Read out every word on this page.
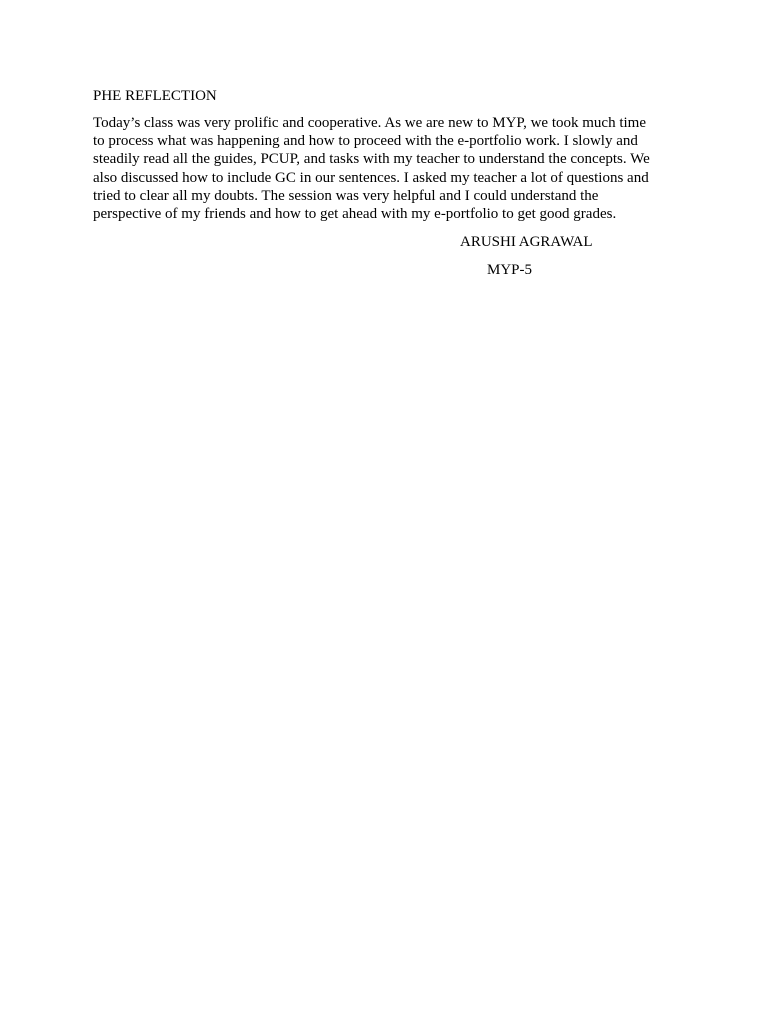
PHE REFLECTION

Today’s class was very prolific and cooperative. As we are new to MYP, we took much time
to process what was happening and how to proceed with the e-portfolio work. I slowly and
steadily read all the guides, PCUP, and tasks with my teacher to understand the concepts. We
also discussed how to include GC in our sentences. I asked my teacher a lot of questions and
tried to clear all my doubts. The session was very helpful and I could understand the
perspective of my friends and how to get ahead with my e-portfolio to get good grades.

ARUSHI AGRAWAL

MYP-5
